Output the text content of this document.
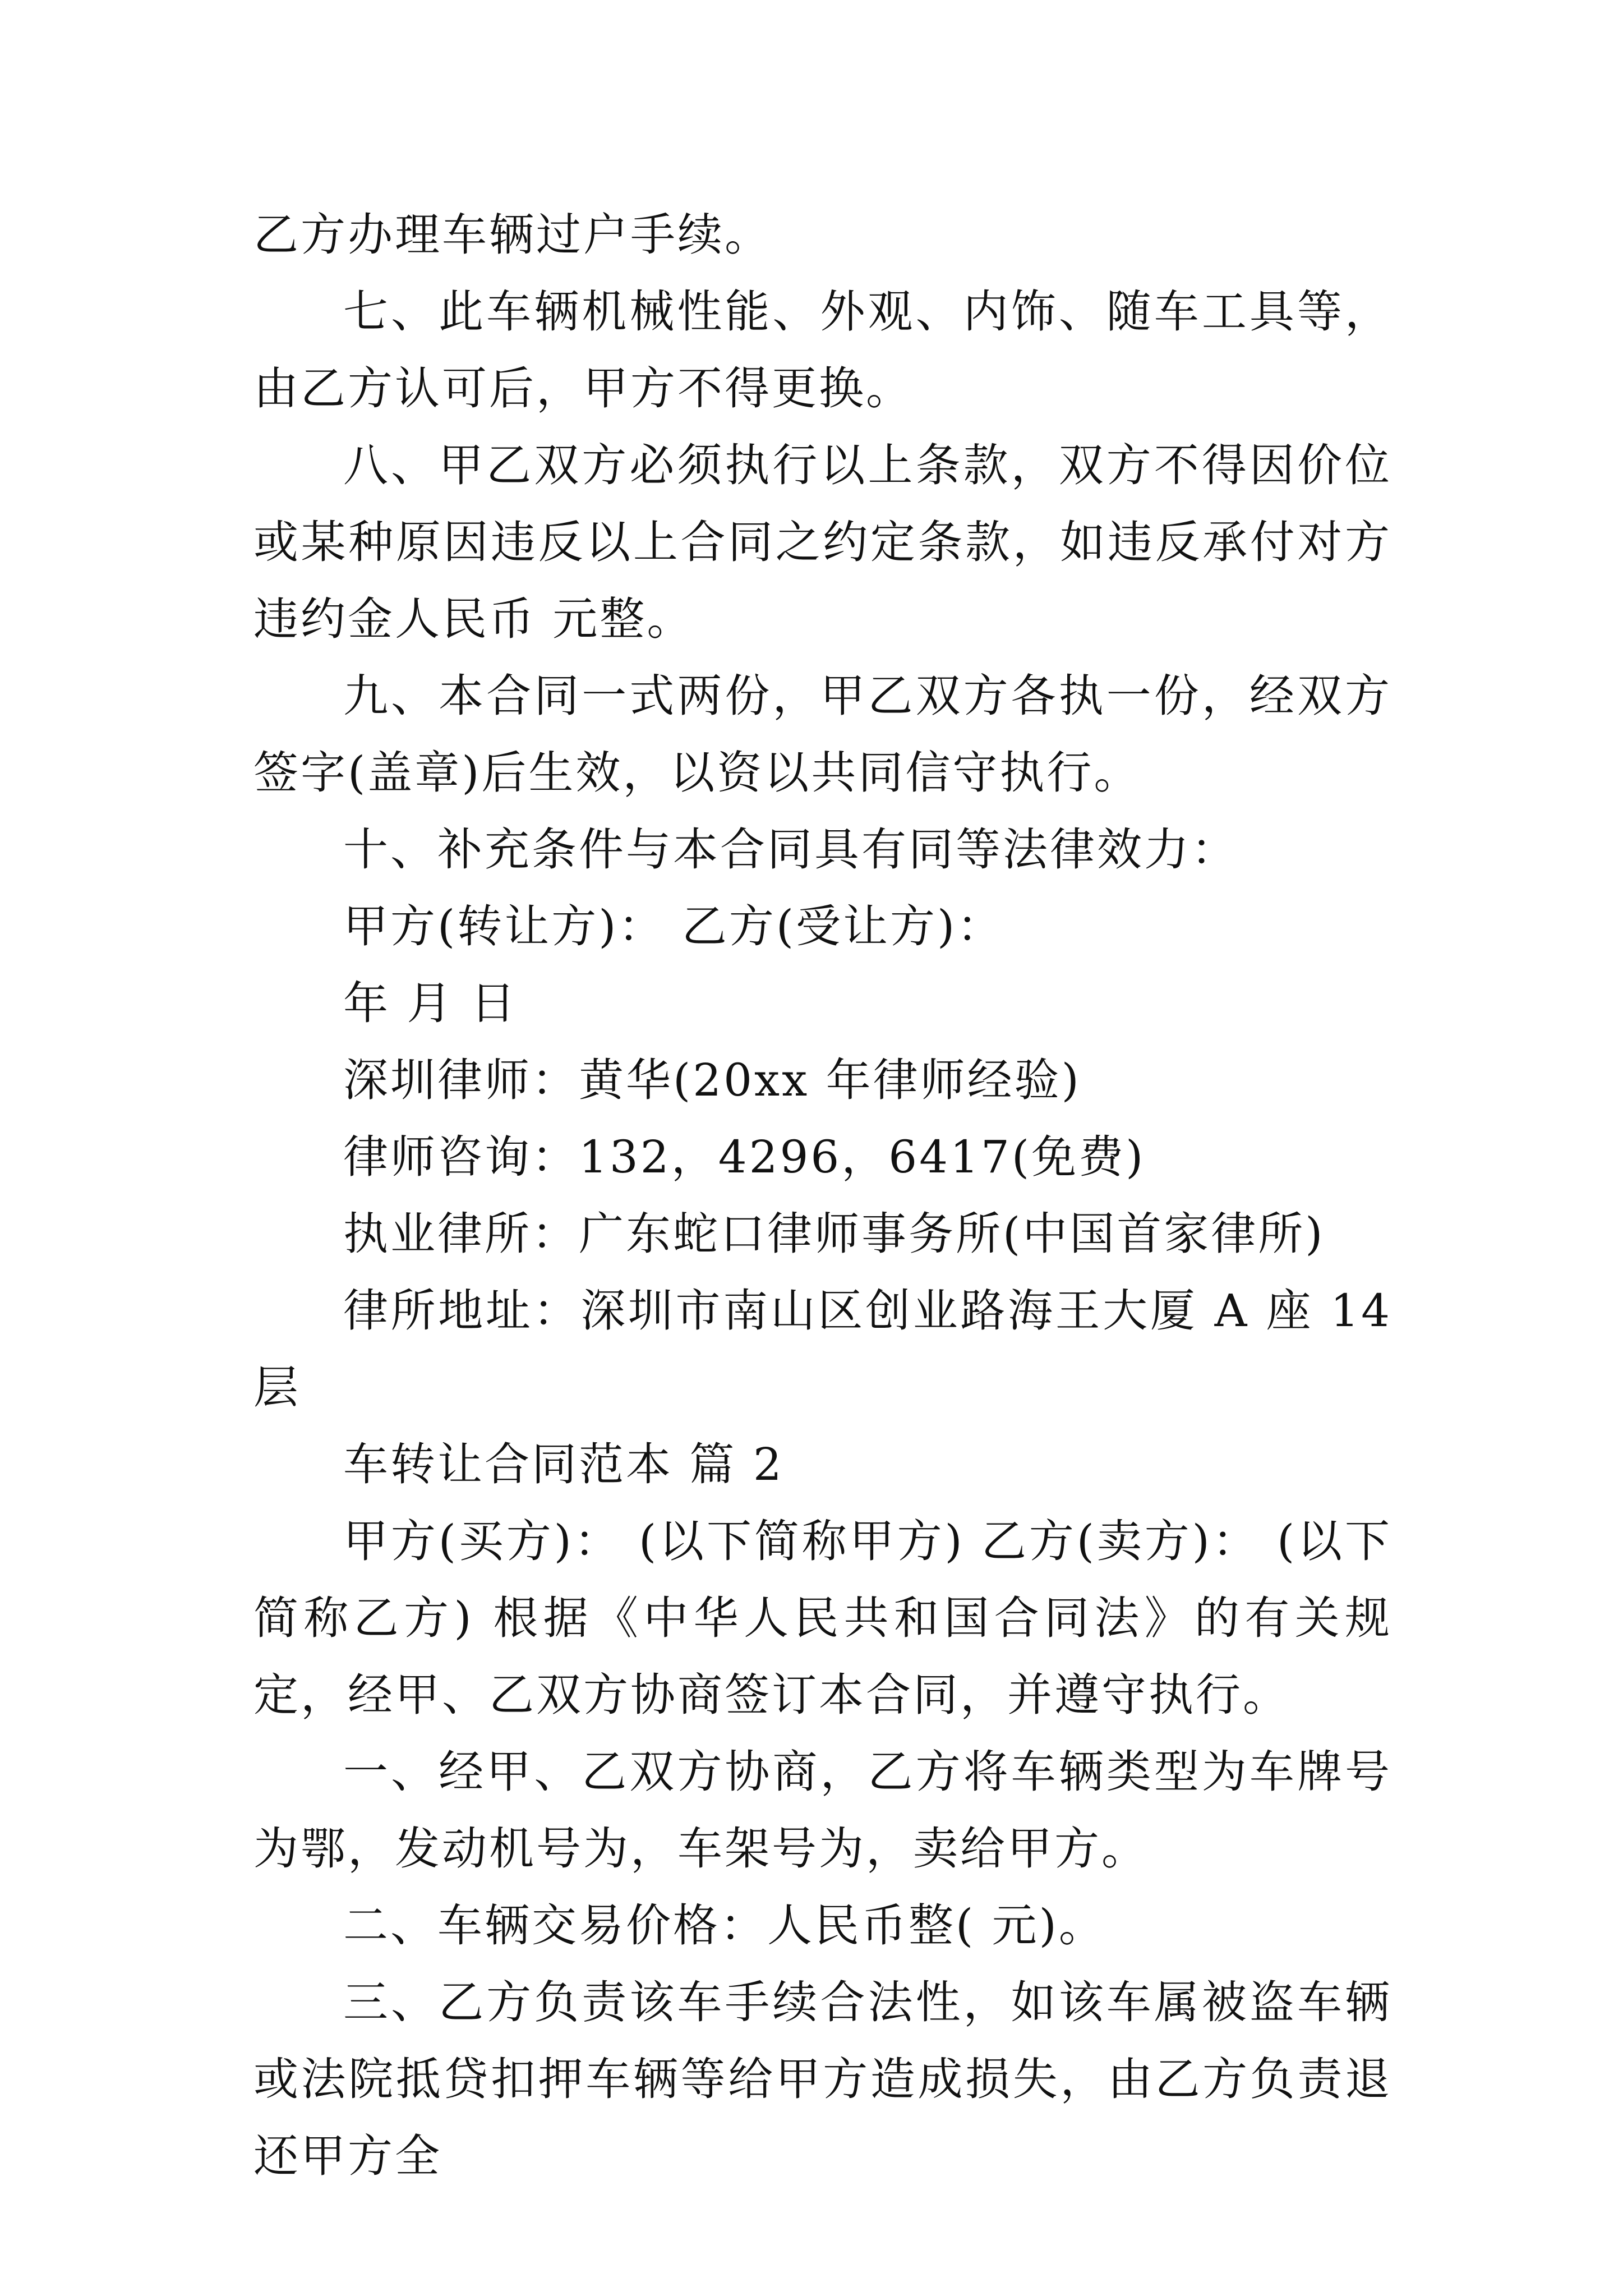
乙方办理车辆过户手续。

七、此车辆机械性能、外观、内饰、随车工具等，由乙方认可后，甲方不得更换。

八、甲乙双方必须执行以上条款，双方不得因价位或某种原因违反以上合同之约定条款，如违反承付对方违约金人民币 元整。

九、本合同一式两份，甲乙双方各执一份，经双方签字(盖章)后生效，以资以共同信守执行。

十、补充条件与本合同具有同等法律效力：

甲方(转让方)： 乙方(受让方)：

年 月 日

深圳律师：黄华(20xx 年律师经验)

律师咨询：132，4296，6417(免费)

执业律所：广东蛇口律师事务所(中国首家律所)

律所地址：深圳市南山区创业路海王大厦 A 座 14 层

车转让合同范本 篇 2

甲方(买方)： (以下简称甲方) 乙方(卖方)： (以下简称乙方) 根据《中华人民共和国合同法》的有关规定，经甲、乙双方协商签订本合同，并遵守执行。

一、经甲、乙双方协商，乙方将车辆类型为车牌号为鄂，发动机号为，车架号为，卖给甲方。

二、车辆交易价格：人民币整( 元)。

三、乙方负责该车手续合法性，如该车属被盗车辆或法院抵贷扣押车辆等给甲方造成损失，由乙方负责退还甲方全
